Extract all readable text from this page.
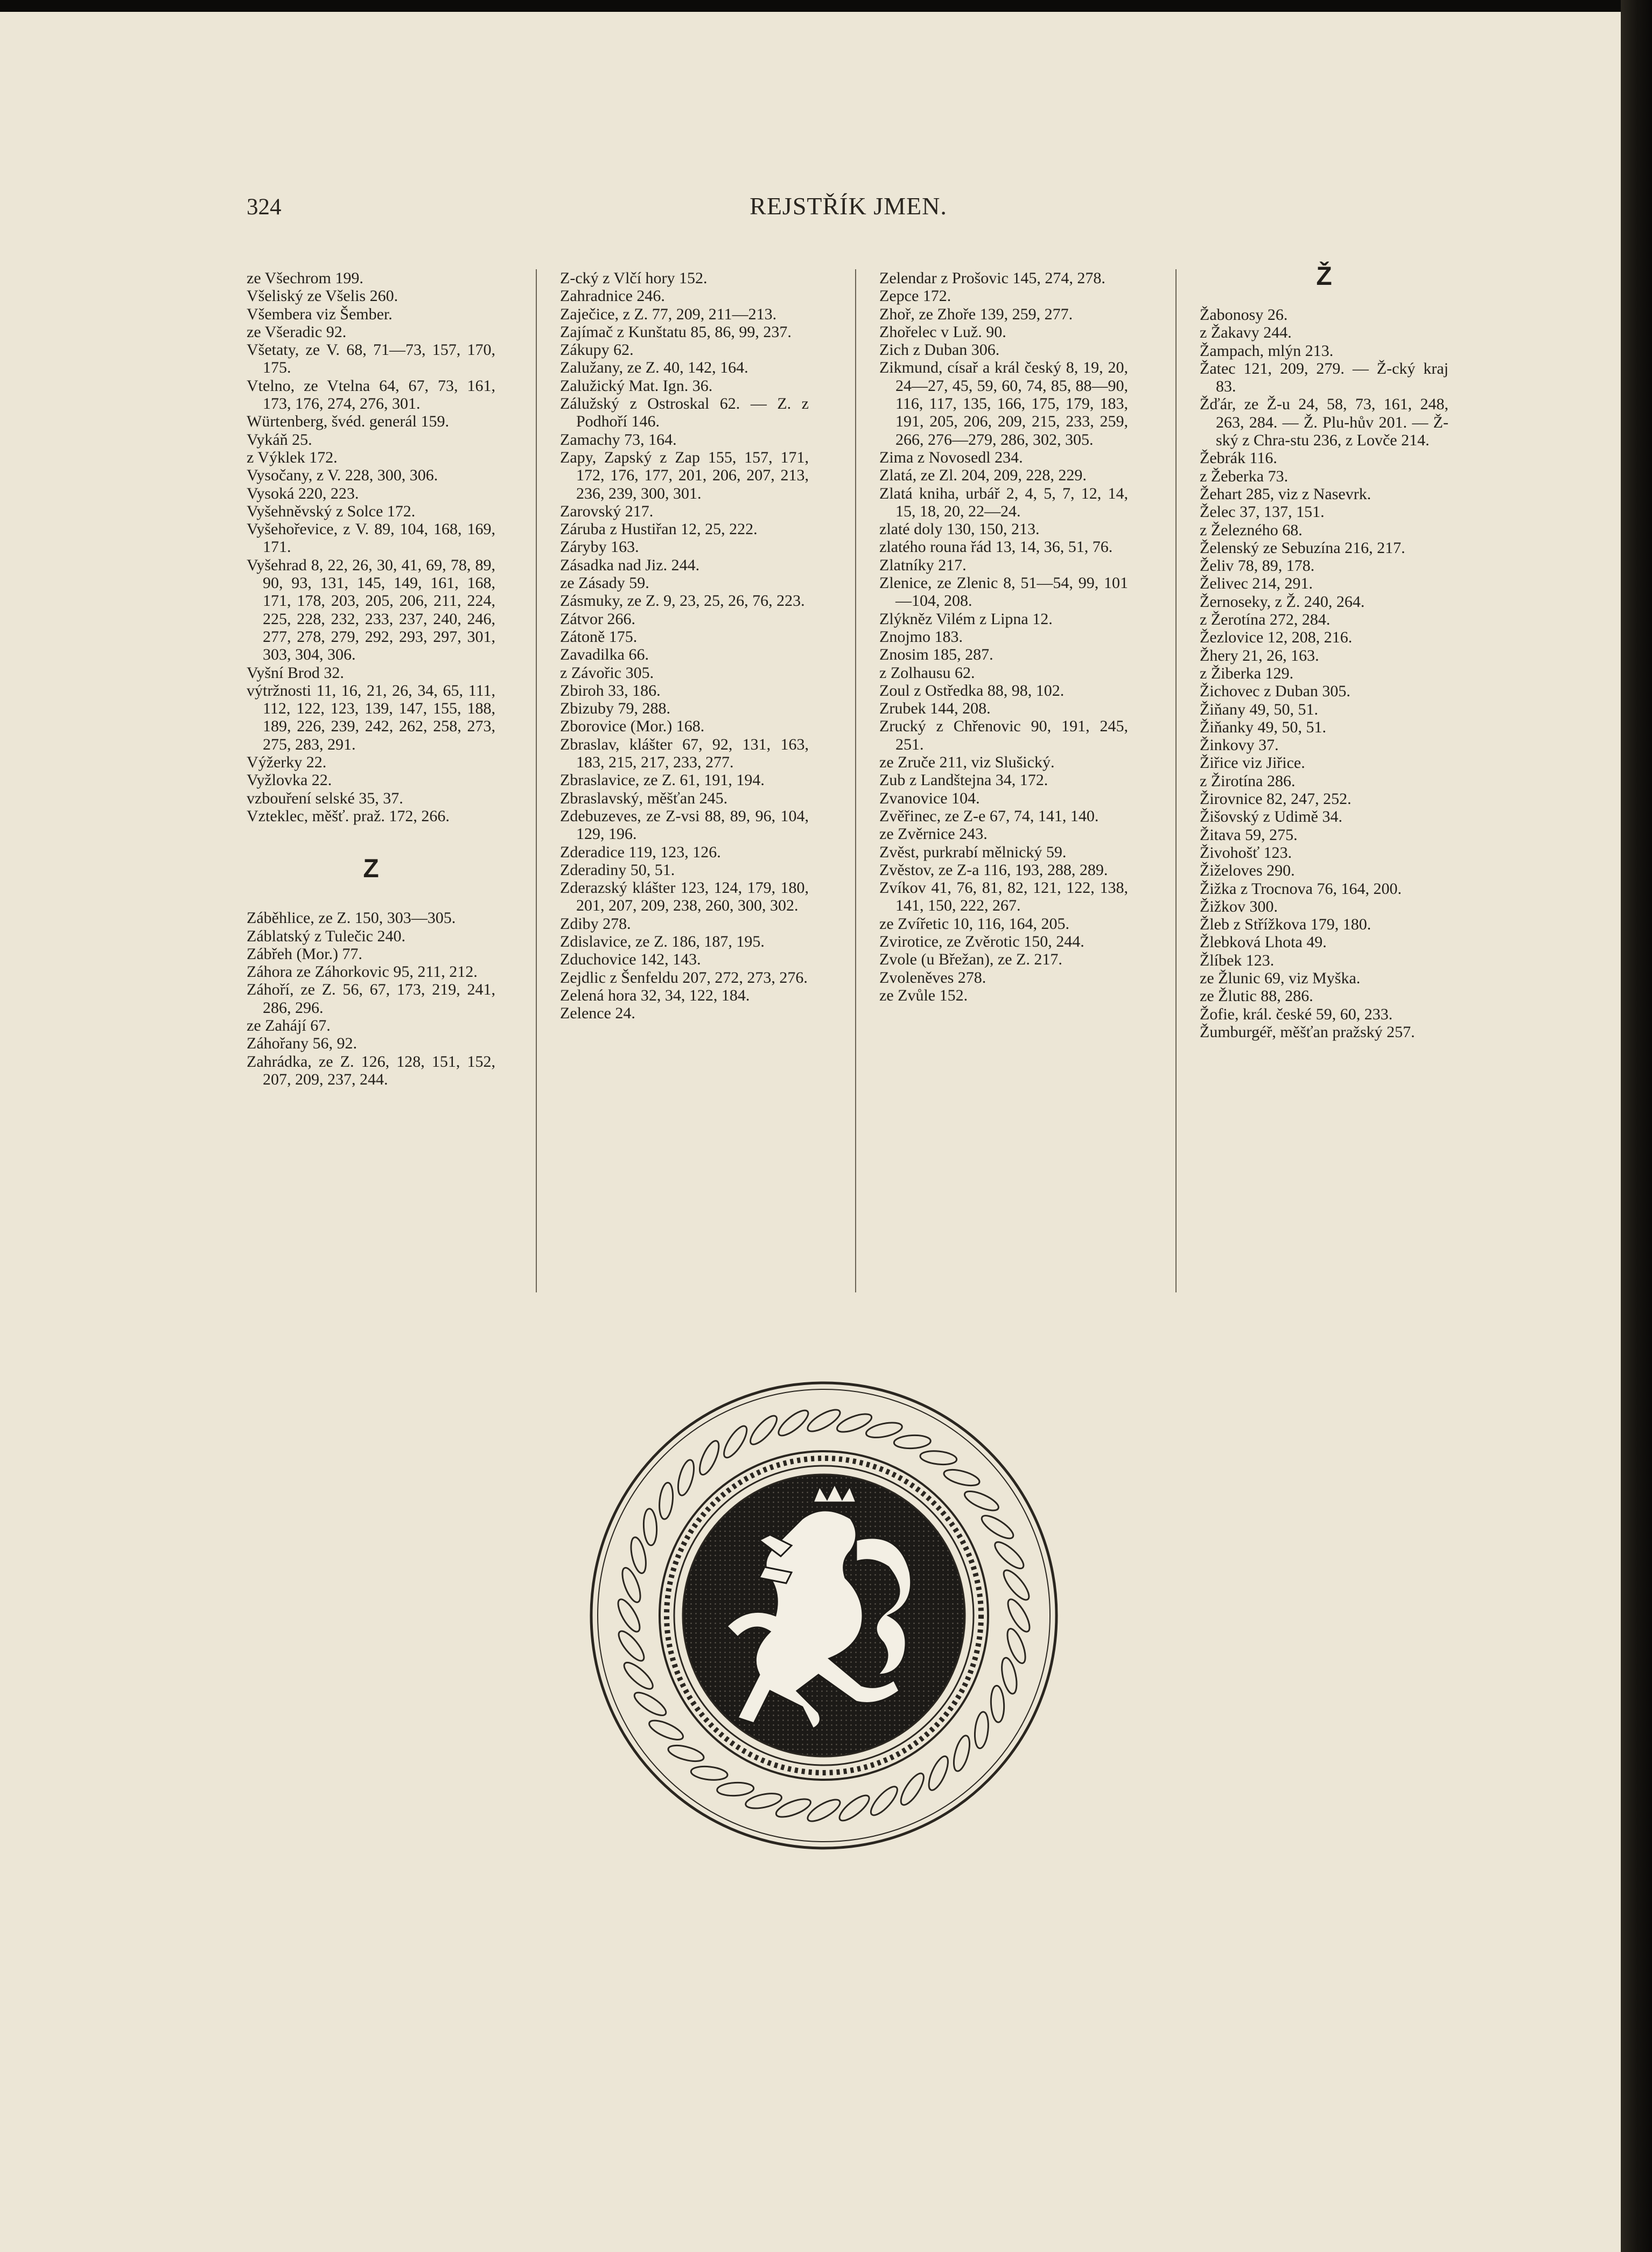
324	REJSTŘÍK JMEN.

ze Všechrom 199.

Všeliský ze Všelis 260.

Všembera viz Šember.

ze Všeradic 92.

Všetaty, ze V. 68, 71—73, 157, 170, 175.

Vtelno, ze Vtelna 64, 67, 73, 161, 173, 176, 274, 276, 301.

Würtenberg, švéd. generál 159.

Vykáň 25.

z Výklek 172.

Vysočany, z V. 228, 300, 306.

Vysoká 220, 223.

Vyšehněvský z Solce 172.

Vyšehořevice, z V. 89, 104, 168, 169, 171.

Vyšehrad 8, 22, 26, 30, 41, 69, 78, 89, 90, 93, 131, 145, 149, 161, 168, 171, 178, 203, 205, 206, 211, 224, 225, 228, 232, 233, 237, 240, 246, 277, 278, 279, 292, 293, 297, 301, 303, 304, 306.

Vyšní Brod 32.

výtržnosti 11, 16, 21, 26, 34, 65, 111, 112, 122, 123, 139, 147, 155, 188, 189, 226, 239, 242, 262, 258, 273, 275, 283, 291.

Výžerky 22.

Vyžlovka 22.

vzbouření selské 35, 37.

Vzteklec, měšť. praž. 172, 266.

Z

Záběhlice, ze Z. 150, 303—305.

Záblatský z Tulečic 240.

Zábřeh (Mor.) 77.

Záhora ze Záhorkovic 95, 211, 212.

Záhoří, ze Z. 56, 67, 173, 219, 241, 286, 296.

ze Zahájí 67.

Záhořany 56, 92.

Zahrádka, ze Z. 126, 128, 151, 152, 207, 209, 237, 244.

Z-cký z Vlčí hory 152.

Zahradnice 246.

Zaječice, z Z. 77, 209, 211—213.

Zajímač z Kunštatu 85, 86, 99, 237.

Zákupy 62.

Zalužany, ze Z. 40, 142, 164.

Zalužický Mat. Ign. 36.

Zálužský z Ostroskal 62. — Z. z Podhoří 146.

Zamachy 73, 164.

Zapy, Zapský z Zap 155, 157, 171, 172, 176, 177, 201, 206, 207, 213, 236, 239, 300, 301.

Zarovský 217.

Záruba z Hustiřan 12, 25, 222.

Záryby 163.

Zásadka nad Jiz. 244.

ze Zásady 59.

Zásmuky, ze Z. 9, 23, 25, 26, 76, 223.

Zátvor 266.

Zátoně 175.

Zavadilka 66.

z Závořic 305.

Zbiroh 33, 186.

Zbizuby 79, 288.

Zborovice (Mor.) 168.

Zbraslav, klášter 67, 92, 131, 163, 183, 215, 217, 233, 277.

Zbraslavice, ze Z. 61, 191, 194.

Zbraslavský, měšťan 245.

Zdebuzeves, ze Z-vsi 88, 89, 96, 104, 129, 196.

Zderadice 119, 123, 126.

Zderadiny 50, 51.

Zderazský klášter 123, 124, 179, 180, 201, 207, 209, 238, 260, 300, 302.

Zdiby 278.

Zdislavice, ze Z. 186, 187, 195.

Zduchovice 142, 143.

Zejdlic z Šenfeldu 207, 272, 273, 276.

Zelená hora 32, 34, 122, 184.

Zelence 24.

Zelendar z Prošovic 145, 274, 278.

Zepce 172.

Zhoř, ze Zhoře 139, 259, 277.

Zhořelec v Luž. 90.

Zich z Duban 306.

Zikmund, císař a král český 8, 19, 20, 24—27, 45, 59, 60, 74, 85, 88—90, 116, 117, 135, 166, 175, 179, 183, 191, 205, 206, 209, 215, 233, 259, 266, 276—279, 286, 302, 305.

Zima z Novosedl 234.

Zlatá, ze Zl. 204, 209, 228, 229.

Zlatá kniha, urbář 2, 4, 5, 7, 12, 14, 15, 18, 20, 22—24.

zlaté doly 130, 150, 213.

zlatého rouna řád 13, 14, 36, 51, 76.

Zlatníky 217.

Zlenice, ze Zlenic 8, 51—54, 99, 101—104, 208.

Zlýkněz Vilém z Lipna 12.

Znojmo 183.

Znosim 185, 287.

z Zolhausu 62.

Zoul z Ostředka 88, 98, 102.

Zrubek 144, 208.

Zrucký z Chřenovic 90, 191, 245, 251.

ze Zruče 211, viz Slušický.

Zub z Landštejna 34, 172.

Zvanovice 104.

Zvěřinec, ze Z-e 67, 74, 141, 140.

ze Zvěrnice 243.

Zvěst, purkrabí mělnický 59.

Zvěstov, ze Z-a 116, 193, 288, 289.

Zvíkov 41, 76, 81, 82, 121, 122, 138, 141, 150, 222, 267.

ze Zvířetic 10, 116, 164, 205.

Zvirotice, ze Zvěrotic 150, 244.

Zvole (u Břežan), ze Z. 217.

Zvoleněves 278.

ze Zvůle 152.

Ž

Žabonosy 26.

z Žakavy 244.

Žampach, mlýn 213.

Žatec 121, 209, 279. — Ž-cký kraj 83.

Žďár, ze Ž-u 24, 58, 73, 161, 248, 263, 284. — Ž. Plu-hův 201. — Ž-ský z Chra-stu 236, z Lovče 214.

Žebrák 116.

z Žeberka 73.

Žehart 285, viz z Nasevrk.

Želec 37, 137, 151.

z Železného 68.

Želenský ze Sebuzína 216, 217.

Želiv 78, 89, 178.

Želivec 214, 291.

Žernoseky, z Ž. 240, 264.

z Žerotína 272, 284.

Žezlovice 12, 208, 216.

Žhery 21, 26, 163.

z Žiberka 129.

Žichovec z Duban 305.

Žiňany 49, 50, 51.

Žiňanky 49, 50, 51.

Žinkovy 37.

Žiřice viz Jiřice.

z Žirotína 286.

Žirovnice 82, 247, 252.

Žišovský z Udimě 34.

Žitava 59, 275.

Živohošť 123.

Žiželoves 290.

Žižka z Trocnova 76, 164, 200.

Žižkov 300.

Žleb z Střížkova 179, 180.

Žlebková Lhota 49.

Žlíbek 123.

ze Žlunic 69, viz Myška.

ze Žlutic 88, 286.

Žofie, král. české 59, 60, 233.

Žumburgéř, měšťan pražský 257.
